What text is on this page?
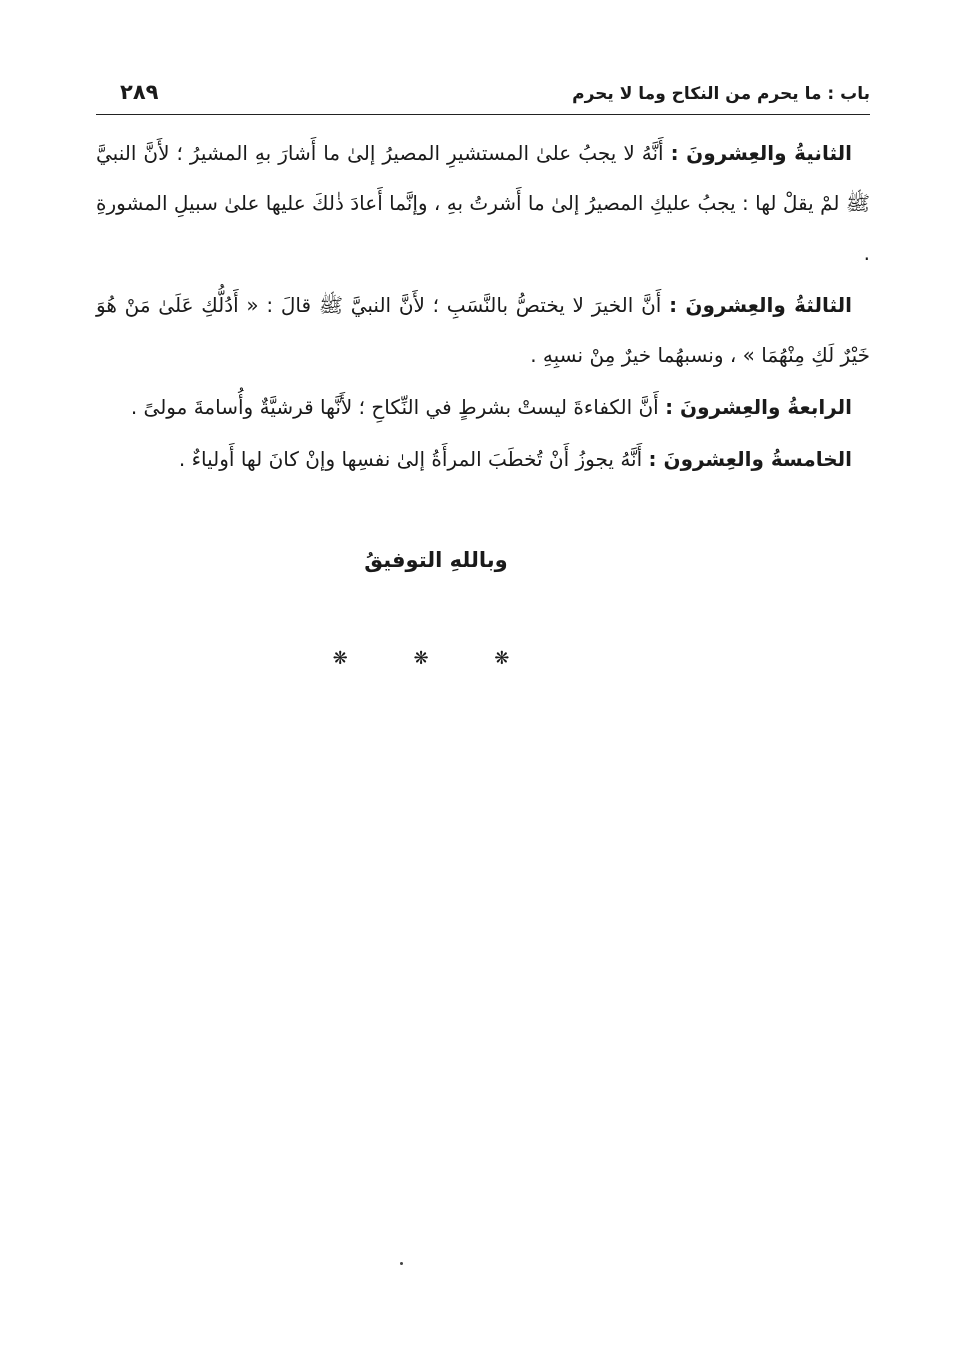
باب : ما يحرم من النكاح وما لا يحرم
٢٨٩

الثانيةُ والعِشرونَ : أَنَّهُ لا يجبُ علىٰ المستشيرِ المصيرُ إلىٰ ما أَشارَ بهِ المشيرُ ؛ لأَنَّ النبيَّ ﷺ لمْ يقلْ لها : يجبُ عليكِ المصيرُ إلىٰ ما أَشرتُ بهِ ، وإنَّما أَعادَ ذٰلكَ عليها علىٰ سبيلِ المشورةِ .

الثالثةُ والعِشرونَ : أَنَّ الخيرَ لا يختصُّ بالنَّسَبِ ؛ لأَنَّ النبيَّ ﷺ قالَ : « أَدُلُّكِ عَلَىٰ مَنْ هُوَ خَيْرٌ لَكِ مِنْهُمَا » ، ونسبهُما خيرٌ مِنْ نسبِهِ .

الرابعةُ والعِشرونَ : أَنَّ الكفاءةَ ليستْ بشرطٍ في النِّكاحِ ؛ لأَنَّها قرشيَّةٌ وأُسامةَ مولىً .

الخامسةُ والعِشرونَ : أَنَّهُ يجوزُ أَنْ تُخطَبَ المرأَةُ إلىٰ نفسِها وإنْ كانَ لها أَولياءٌ .

وباللهِ التوفيقُ
❋ ❋ ❋
